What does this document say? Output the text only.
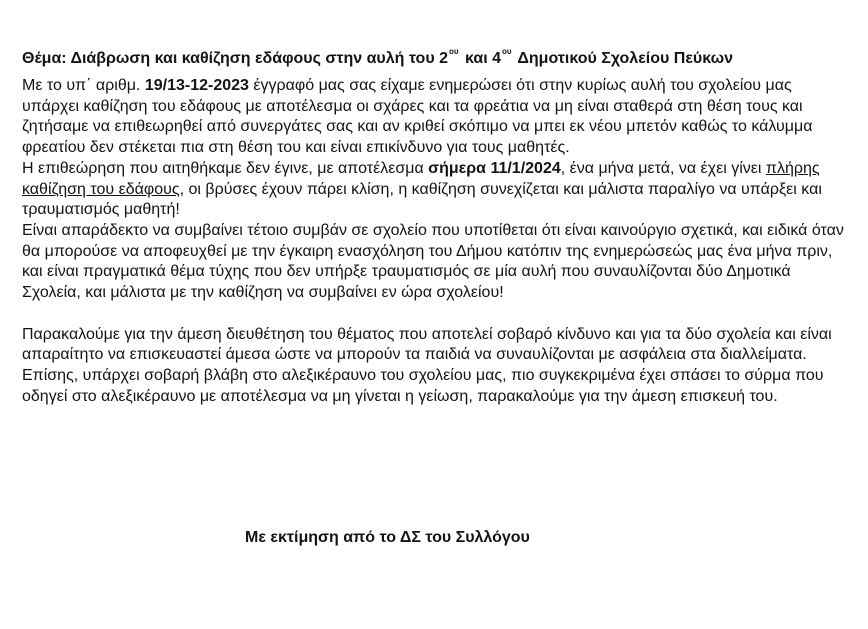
Θέμα: Διάβρωση και καθίζηση εδάφους στην αυλή του $2^{o\upsilon}$ και $4^{o\upsilon}$ Δημοτικού Σχολείου Πεύκων

Με το υπ΄ αριθμ. 19/13-12-2023 έγγραφό μας σας είχαμε ενημερώσει ότι στην κυρίως αυλή του σχολείου μας υπάρχει καθίζηση του εδάφους με αποτέλεσμα οι σχάρες και τα φρεάτια να μη είναι σταθερά στη θέση τους και ζητήσαμε να επιθεωρηθεί από συνεργάτες σας και αν κριθεί σκόπιμο να μπει εκ νέου μπετόν καθώς το κάλυμμα φρεατίου δεν στέκεται πια στη θέση του και είναι επικίνδυνο για τους μαθητές.
Η επιθεώρηση που αιτηθήκαμε δεν έγινε, με αποτέλεσμα σήμερα 11/1/2024, ένα μήνα μετά, να έχει γίνει πλήρης καθίζηση του εδάφους, οι βρύσες έχουν πάρει κλίση, η καθίζηση συνεχίζεται και μάλιστα παραλίγο να υπάρξει και τραυματισμός μαθητή!
Είναι απαράδεκτο να συμβαίνει τέτοιο συμβάν σε σχολείο που υποτίθεται ότι είναι καινούργιο σχετικά, και ειδικά όταν θα μπορούσε να αποφευχθεί με την έγκαιρη ενασχόληση του Δήμου κατόπιν της ενημερώσεώς μας ένα μήνα πριν, και είναι πραγματικά θέμα τύχης που δεν υπήρξε τραυματισμός σε μία αυλή που συναυλίζονται δύο Δημοτικά Σχολεία, και μάλιστα με την καθίζηση να συμβαίνει εν ώρα σχολείου!

Παρακαλούμε για την άμεση διευθέτηση του θέματος που αποτελεί σοβαρό κίνδυνο και για τα δύο σχολεία και είναι απαραίτητο να επισκευαστεί άμεσα ώστε να μπορούν τα παιδιά να συναυλίζονται με ασφάλεια στα διαλλείματα.
Επίσης, υπάρχει σοβαρή βλάβη στο αλεξικέραυνο του σχολείου μας, πιο συγκεκριμένα έχει σπάσει το σύρμα που οδηγεί στο αλεξικέραυνο με αποτέλεσμα να μη γίνεται η γείωση, παρακαλούμε για την άμεση επισκευή του.

Με εκτίμηση από το ΔΣ του Συλλόγου
